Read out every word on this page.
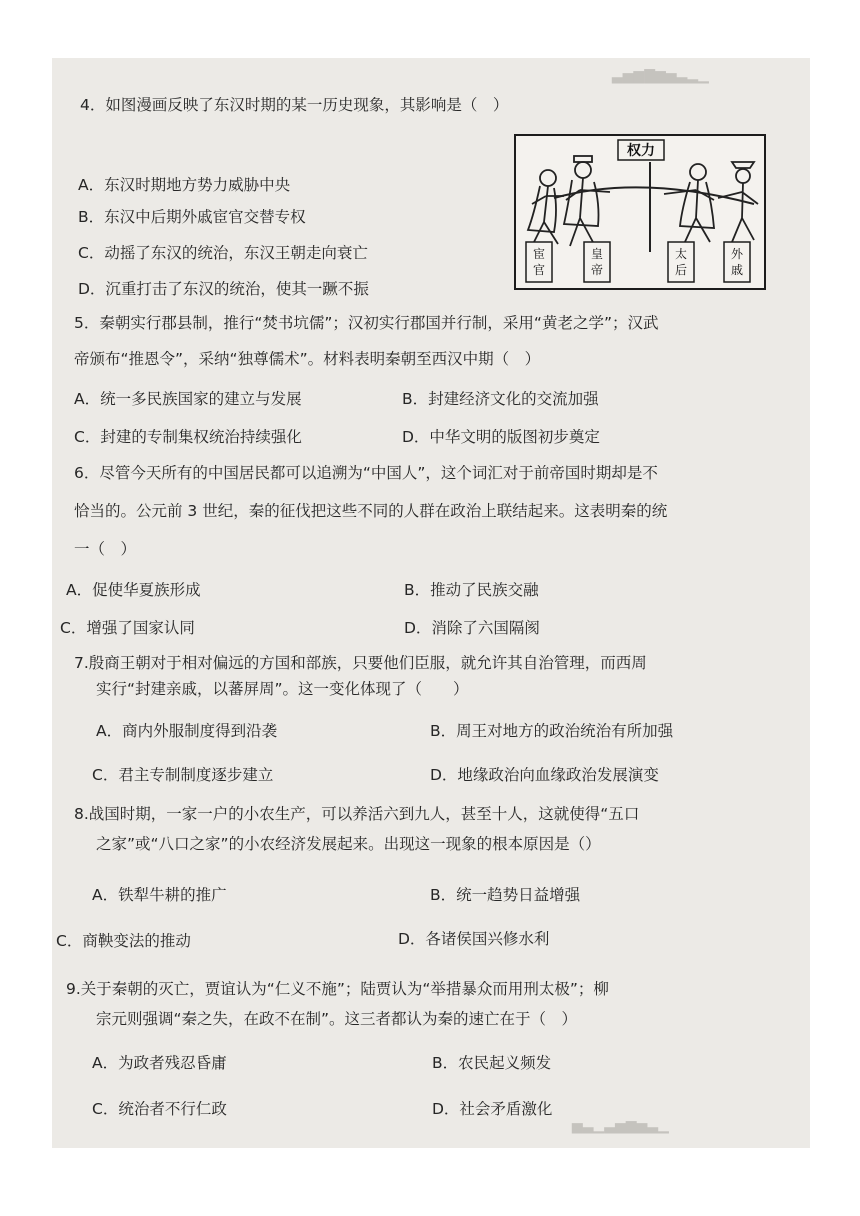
▁▂▃▅▆▇▆▅▃
▁▃▅▆▅▃▁▃▅
4．如图漫画反映了东汉时期的某一历史现象，其影响是（　）
A．东汉时期地方势力威胁中央
B．东汉中后期外戚宦官交替专权
C．动摇了东汉的统治，东汉王朝走向衰亡
D．沉重打击了东汉的统治，使其一蹶不振
权力
宦官
皇帝
太后
外戚
5．秦朝实行郡县制，推行“焚书坑儒”；汉初实行郡国并行制，采用“黄老之学”；汉武
帝颁布“推恩令”，采纳“独尊儒术”。材料表明秦朝至西汉中期（　）
A．统一多民族国家的建立与发展	B．封建经济文化的交流加强
C．封建的专制集权统治持续强化	D．中华文明的版图初步奠定
6．尽管今天所有的中国居民都可以追溯为“中国人”，这个词汇对于前帝国时期却是不
恰当的。公元前 3 世纪，秦的征伐把这些不同的人群在政治上联结起来。这表明秦的统
一（　）
A．促使华夏族形成	B．推动了民族交融
C．增强了国家认同	D．消除了六国隔阂
7.殷商王朝对于相对偏远的方国和部族，只要他们臣服，就允许其自治管理，而西周
实行“封建亲戚，以蕃屏周”。这一变化体现了（　　）
A．商内外服制度得到沿袭	B．周王对地方的政治统治有所加强
C．君主专制制度逐步建立	D．地缘政治向血缘政治发展演变
8.战国时期，一家一户的小农生产，可以养活六到九人，甚至十人，这就使得“五口
之家”或“八口之家”的小农经济发展起来。出现这一现象的根本原因是（）
A．铁犁牛耕的推广	B．统一趋势日益增强
C．商鞅变法的推动	D．各诸侯国兴修水利
9.关于秦朝的灭亡，贾谊认为“仁义不施”；陆贾认为“举措暴众而用刑太极”；柳
宗元则强调“秦之失，在政不在制”。这三者都认为秦的速亡在于（　）
A．为政者残忍昏庸	B．农民起义频发
C．统治者不行仁政	D．社会矛盾激化
